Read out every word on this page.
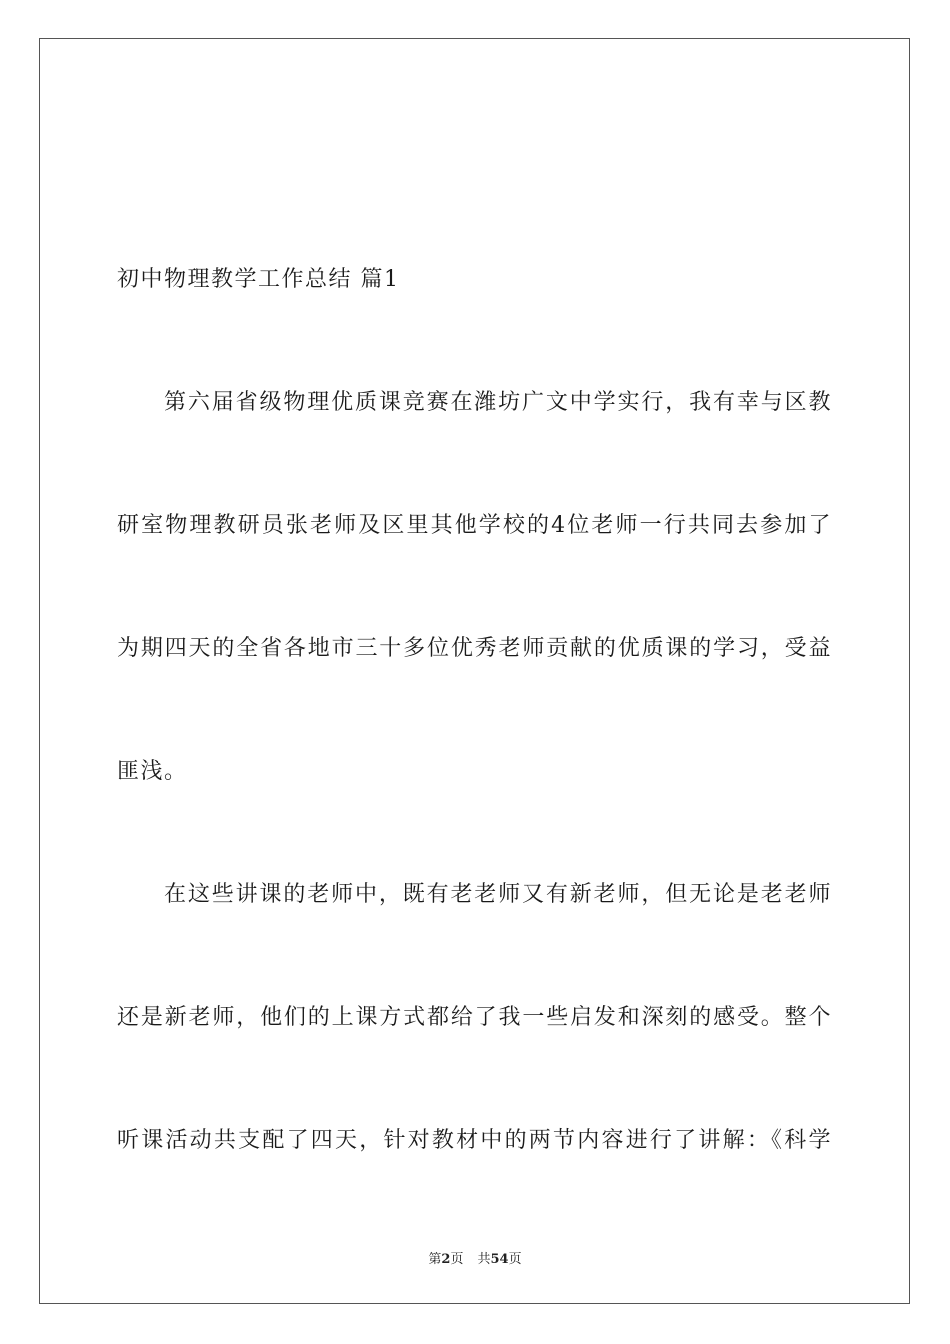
初中物理教学工作总结 篇1
第六届省级物理优质课竞赛在潍坊广文中学实行，我有幸与区教
研室物理教研员张老师及区里其他学校的4位老师一行共同去参加了
为期四天的全省各地市三十多位优秀老师贡献的优质课的学习，受益
匪浅。
在这些讲课的老师中，既有老老师又有新老师，但无论是老老师
还是新老师，他们的上课方式都给了我一些启发和深刻的感受。整个
听课活动共支配了四天，针对教材中的两节内容进行了讲解：《科学
第2页 共54页
